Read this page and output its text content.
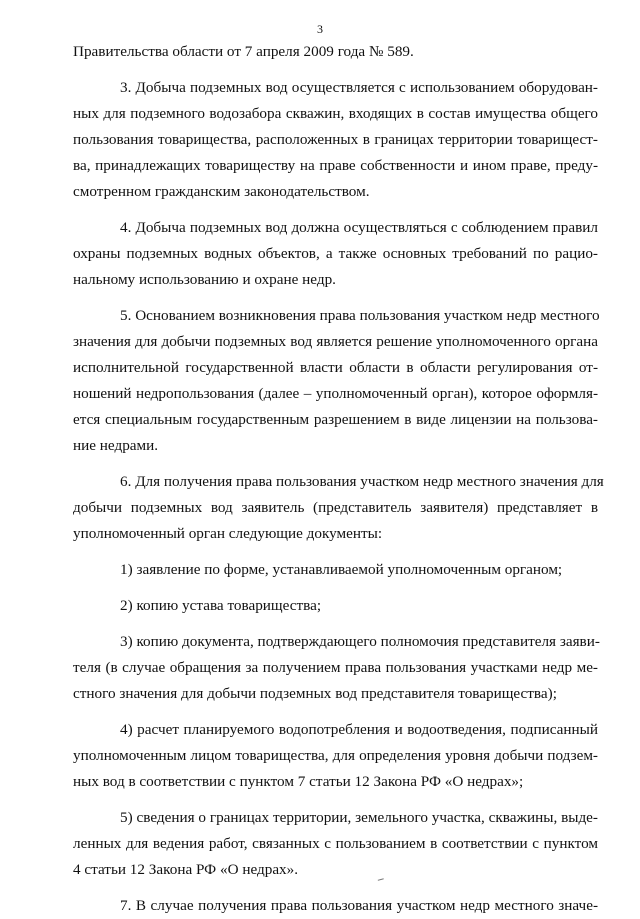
3

Правительства области от 7 апреля 2009 года № 589.

3. Добыча подземных вод осуществляется с использованием оборудован-
ных для подземного водозабора скважин, входящих в состав имущества общего
пользования товарищества, расположенных в границах территории товарищест-
ва, принадлежащих товариществу на праве собственности и ином праве, преду-
смотренном гражданским законодательством.

4. Добыча подземных вод должна осуществляться с соблюдением правил
охраны подземных водных объектов, а также основных требований по рацио-
нальному использованию и охране недр.

5. Основанием возникновения права пользования участком недр местного
значения для добычи подземных вод является решение уполномоченного органа
исполнительной государственной власти области в области регулирования от-
ношений недропользования (далее – уполномоченный орган), которое оформля-
ется специальным государственным разрешением в виде лицензии на пользова-
ние недрами.

6. Для получения права пользования участком недр местного значения для
добычи подземных вод заявитель (представитель заявителя) представляет в
уполномоченный орган следующие документы:

1) заявление по форме, устанавливаемой уполномоченным органом;

2) копию устава товарищества;

3) копию документа, подтверждающего полномочия представителя заяви-
теля (в случае обращения за получением права пользования участками недр ме-
стного значения для добычи подземных вод представителя товарищества);

4) расчет планируемого водопотребления и водоотведения, подписанный
уполномоченным лицом товарищества, для определения уровня добычи подзем-
ных вод в соответствии с пунктом 7 статьи 12 Закона РФ «О недрах»;

5) сведения о границах территории, земельного участка, скважины, выде-
ленных для ведения работ, связанных с пользованием в соответствии с пунктом
4 статьи 12 Закона РФ «О недрах».

7. В случае получения права пользования участком недр местного значе-
